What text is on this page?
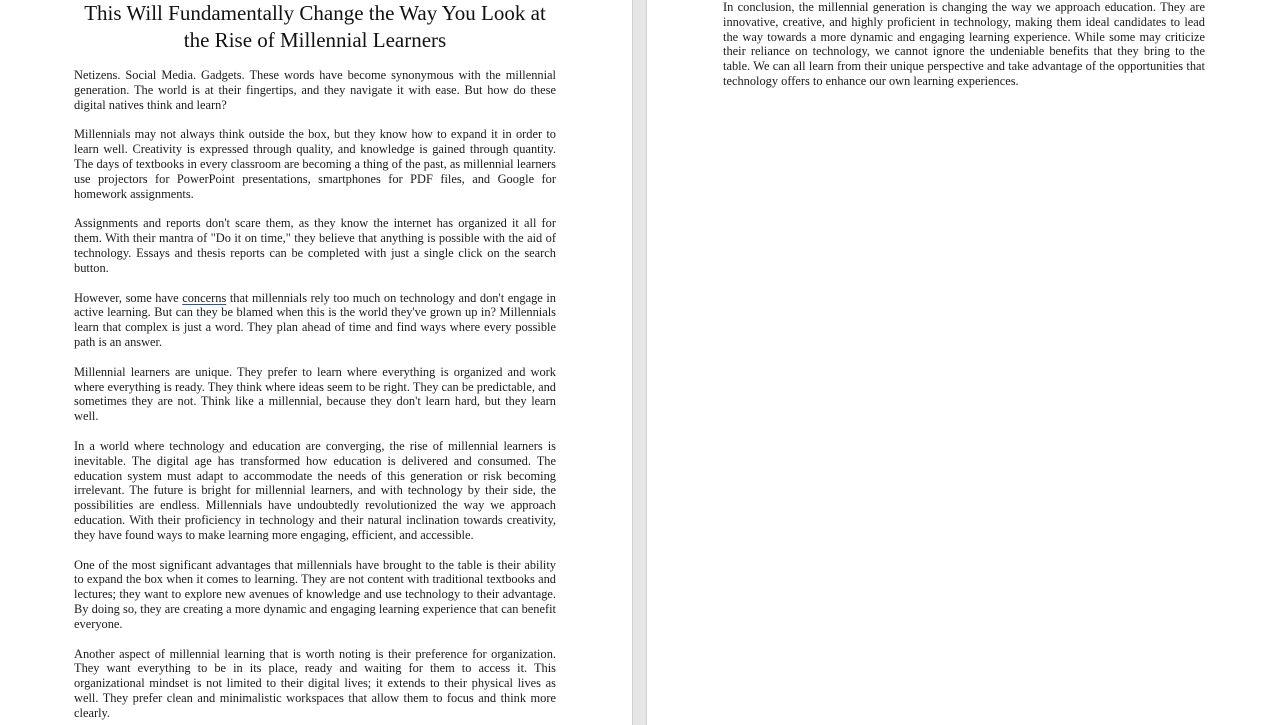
This Will Fundamentally Change the Way You Look at
the Rise of Millennial Learners

Netizens. Social Media. Gadgets. These words have become synonymous with the millennial generation. The world is at their fingertips, and they navigate it with ease. But how do these digital natives think and learn?

Millennials may not always think outside the box, but they know how to expand it in order to learn well. Creativity is expressed through quality, and knowledge is gained through quantity. The days of textbooks in every classroom are becoming a thing of the past, as millennial learners use projectors for PowerPoint presentations, smartphones for PDF files, and Google for homework assignments.

Assignments and reports don't scare them, as they know the internet has organized it all for them. With their mantra of "Do it on time," they believe that anything is possible with the aid of technology. Essays and thesis reports can be completed with just a single click on the search button.

However, some have concerns that millennials rely too much on technology and don't engage in active learning. But can they be blamed when this is the world they've grown up in? Millennials learn that complex is just a word. They plan ahead of time and find ways where every possible path is an answer.

Millennial learners are unique. They prefer to learn where everything is organized and work where everything is ready. They think where ideas seem to be right. They can be predictable, and sometimes they are not. Think like a millennial, because they don't learn hard, but they learn well.

In a world where technology and education are converging, the rise of millennial learners is inevitable. The digital age has transformed how education is delivered and consumed. The education system must adapt to accommodate the needs of this generation or risk becoming irrelevant. The future is bright for millennial learners, and with technology by their side, the possibilities are endless. Millennials have undoubtedly revolutionized the way we approach education. With their proficiency in technology and their natural inclination towards creativity, they have found ways to make learning more engaging, efficient, and accessible.

One of the most significant advantages that millennials have brought to the table is their ability to expand the box when it comes to learning. They are not content with traditional textbooks and lectures; they want to explore new avenues of knowledge and use technology to their advantage. By doing so, they are creating a more dynamic and engaging learning experience that can benefit everyone.

Another aspect of millennial learning that is worth noting is their preference for organization. They want everything to be in its place, ready and waiting for them to access it. This organizational mindset is not limited to their digital lives; it extends to their physical lives as well. They prefer clean and minimalistic workspaces that allow them to focus and think more clearly.

In conclusion, the millennial generation is changing the way we approach education. They are innovative, creative, and highly proficient in technology, making them ideal candidates to lead the way towards a more dynamic and engaging learning experience. While some may criticize their reliance on technology, we cannot ignore the undeniable benefits that they bring to the table. We can all learn from their unique perspective and take advantage of the opportunities that technology offers to enhance our own learning experiences.
